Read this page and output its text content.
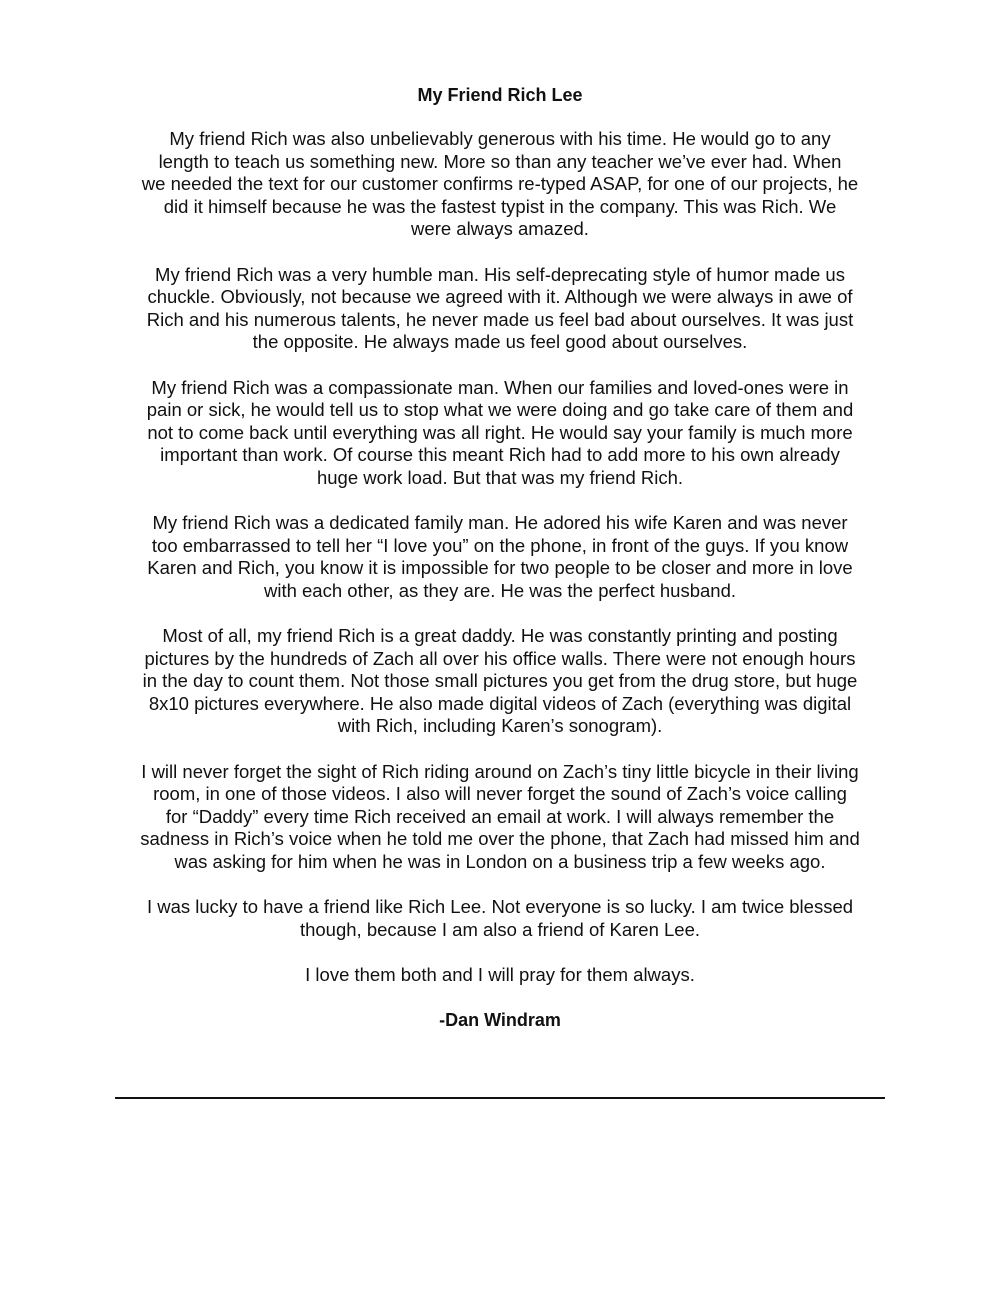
My Friend Rich Lee

My friend Rich was also unbelievably generous with his time. He would go to any
length to teach us something new. More so than any teacher we’ve ever had. When
we needed the text for our customer confirms re-typed ASAP, for one of our projects, he
did it himself because he was the fastest typist in the company. This was Rich. We
were always amazed.

My friend Rich was a very humble man. His self-deprecating style of humor made us
chuckle. Obviously, not because we agreed with it. Although we were always in awe of
Rich and his numerous talents, he never made us feel bad about ourselves. It was just
the opposite. He always made us feel good about ourselves.

My friend Rich was a compassionate man. When our families and loved-ones were in
pain or sick, he would tell us to stop what we were doing and go take care of them and
not to come back until everything was all right. He would say your family is much more
important than work. Of course this meant Rich had to add more to his own already
huge work load. But that was my friend Rich.

My friend Rich was a dedicated family man. He adored his wife Karen and was never
too embarrassed to tell her “I love you” on the phone, in front of the guys. If you know
Karen and Rich, you know it is impossible for two people to be closer and more in love
with each other, as they are. He was the perfect husband.

Most of all, my friend Rich is a great daddy. He was constantly printing and posting
pictures by the hundreds of Zach all over his office walls. There were not enough hours
in the day to count them. Not those small pictures you get from the drug store, but huge
8x10 pictures everywhere. He also made digital videos of Zach (everything was digital
with Rich, including Karen’s sonogram).

I will never forget the sight of Rich riding around on Zach’s tiny little bicycle in their living
room, in one of those videos. I also will never forget the sound of Zach’s voice calling
for “Daddy” every time Rich received an email at work. I will always remember the
sadness in Rich’s voice when he told me over the phone, that Zach had missed him and
was asking for him when he was in London on a business trip a few weeks ago.

I was lucky to have a friend like Rich Lee. Not everyone is so lucky. I am twice blessed
though, because I am also a friend of Karen Lee.

I love them both and I will pray for them always.

-Dan Windram
